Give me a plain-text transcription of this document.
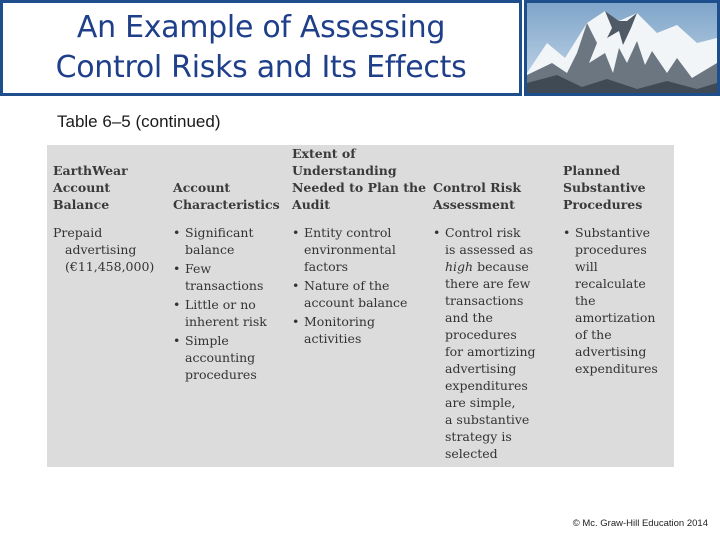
An Example of Assessing
Control Risks and Its Effects
Table 6–5 (continued)
EarthWear
Account
Balance
Account
Characteristics
Extent of
Understanding
Needed to Plan the
Audit
Control Risk
Assessment
Planned
Substantive
Procedures
Prepaid
advertising
(€11,458,000)
• Significant
balance
• Few
transactions
• Little or no
inherent risk
• Simple
accounting
procedures
• Entity control
environmental
factors
• Nature of the
account balance
• Monitoring
activities
• Control risk
is assessed as
high because
there are few
transactions
and the
procedures
for amortizing
advertising
expenditures
are simple,
a substantive
strategy is
selected
• Substantive
procedures
will
recalculate
the
amortization
of the
advertising
expenditures
© Mc. Graw-Hill Education 2014
